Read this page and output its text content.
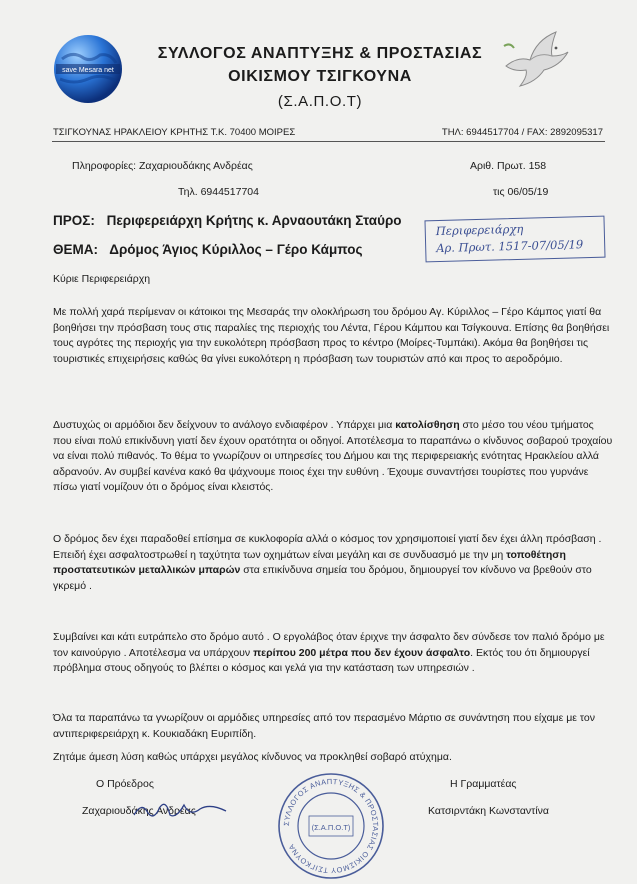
save Mesara net
ΣΥΛΛΟΓΟΣ ΑΝΑΠΤΥΞΗΣ & ΠΡΟΣΤΑΣΙΑΣ
ΟΙΚΙΣΜΟΥ ΤΣΙΓΚΟΥΝΑ
(Σ.Α.Π.Ο.Τ)
ΤΣΙΓΚΟΥΝΑΣ ΗΡΑΚΛΕΙΟΥ ΚΡΗΤΗΣ Τ.Κ. 70400 ΜΟΙΡΕΣ	ΤΗΛ: 6944517704 / FAX: 2892095317
Πληροφορίες: Ζαχαριουδάκης Ανδρέας	Αριθ. Πρωτ. 158
Τηλ. 6944517704	τις 06/05/19
ΠΡΟΣ: Περιφερειάρχη Κρήτης κ. Αρναουτάκη Σταύρο
ΘΕΜΑ: Δρόμος Άγιος Κύριλλος – Γέρο Κάμπος
Περιφερειάρχη
Αρ. Πρωτ. 1517-07/05/19
Κύριε Περιφερειάρχη
Με πολλή χαρά περίμεναν οι κάτοικοι της Μεσαράς την ολοκλήρωση του δρόμου Αγ. Κύριλλος – Γέρο Κάμπος γιατί θα βοηθήσει την πρόσβαση τους στις παραλίες της περιοχής του Λέντα, Γέρου Κάμπου και Τσίγκουνα. Επίσης θα βοηθήσει τους αγρότες της περιοχής για την ευκολότερη πρόσβαση προς το κέντρο (Μοίρες-Τυμπάκι). Ακόμα θα βοηθήσει τις τουριστικές επιχειρήσεις καθώς θα γίνει ευκολότερη η πρόσβαση των τουριστών από και προς το αεροδρόμιο.
Δυστυχώς οι αρμόδιοι δεν δείχνουν το ανάλογο ενδιαφέρον . Υπάρχει μια κατολίσθηση στο μέσο του νέου τμήματος που είναι πολύ επικίνδυνη γιατί δεν έχουν ορατότητα οι οδηγοί. Αποτέλεσμα το παραπάνω ο κίνδυνος σοβαρού τροχαίου να είναι πολύ πιθανός. Το θέμα το γνωρίζουν οι υπηρεσίες του Δήμου και της περιφερειακής ενότητας Ηρακλείου αλλά αδρανούν. Αν συμβεί κανένα κακό θα ψάχνουμε ποιος έχει την ευθύνη . Έχουμε συναντήσει τουρίστες που γυρνάνε πίσω γιατί νομίζουν ότι ο δρόμος είναι κλειστός.
Ο δρόμος δεν έχει παραδοθεί επίσημα σε κυκλοφορία αλλά ο κόσμος τον χρησιμοποιεί γιατί δεν έχει άλλη πρόσβαση . Επειδή έχει ασφαλτοστρωθεί η ταχύτητα των οχημάτων είναι μεγάλη και σε συνδυασμό με την μη τοποθέτηση προστατευτικών μεταλλικών μπαρών στα επικίνδυνα σημεία του δρόμου, δημιουργεί τον κίνδυνο να βρεθούν στο γκρεμό .
Συμβαίνει και κάτι ευτράπελο στο δρόμο αυτό . Ο εργολάβος όταν έριχνε την άσφαλτο δεν σύνδεσε τον παλιό δρόμο με τον καινούργιο . Αποτέλεσμα να υπάρχουν περίπου 200 μέτρα που δεν έχουν άσφαλτο. Εκτός του ότι δημιουργεί πρόβλημα στους οδηγούς το βλέπει ο κόσμος και γελά για την κατάσταση των υπηρεσιών .
Όλα τα παραπάνω τα γνωρίζουν οι αρμόδιες υπηρεσίες από τον περασμένο Μάρτιο σε συνάντηση που είχαμε με τον αντιπεριφερειάρχη κ. Κουκιαδάκη Ευριπίδη.
Ζητάμε άμεση λύση καθώς υπάρχει μεγάλος κίνδυνος να προκληθεί σοβαρό ατύχημα.
Ο Πρόεδρος
Ζαχαριουδάκης Ανδρέας
Η Γραμματέας
Κατσιρντάκη Κωνσταντίνα
ΣΥΛΛΟΓΟΣ ΑΝΑΠΤΥΞΗΣ & ΠΡΟΣΤΑΣΙΑΣ ΟΙΚΙΣΜΟΥ ΤΣΙΓΚΟΥΝΑ
(Σ.Α.Π.Ο.Τ)
